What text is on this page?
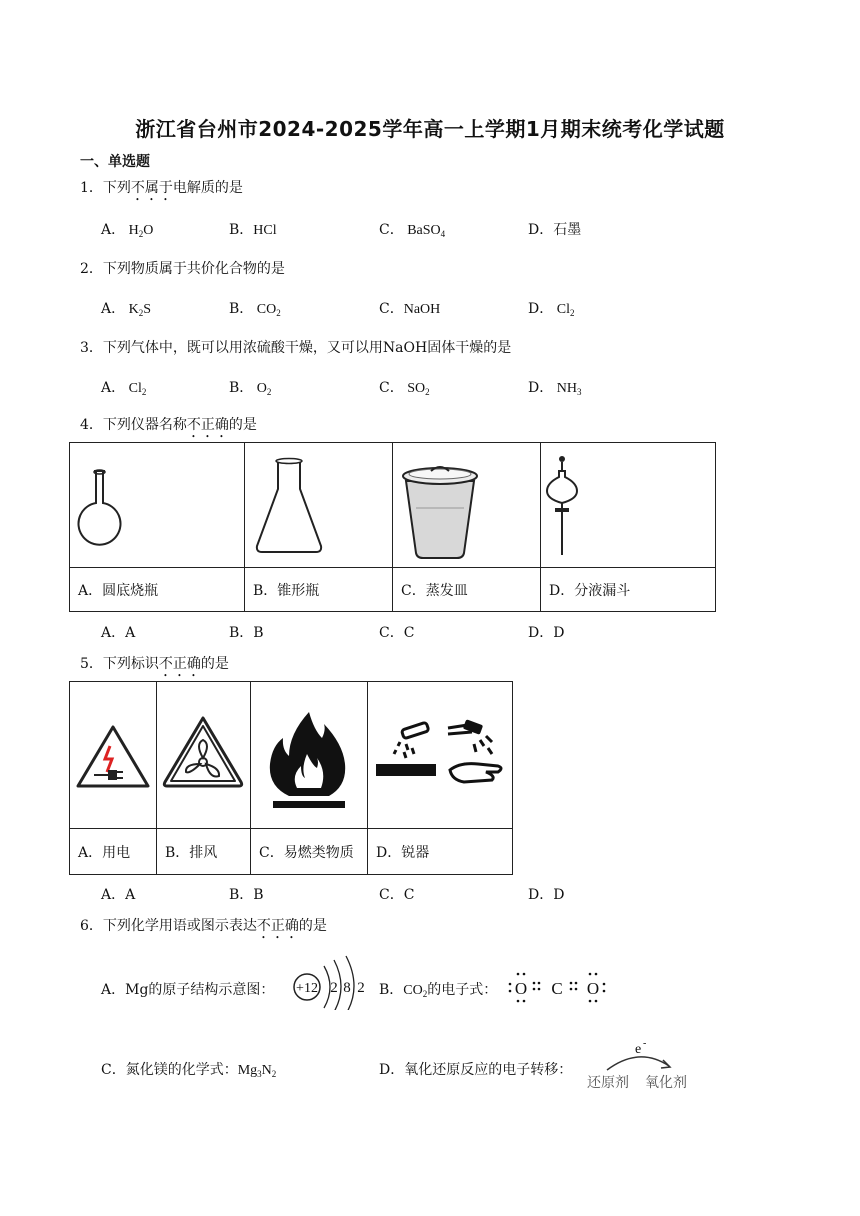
浙江省台州市2024-2025学年高一上学期1月期末统考化学试题
一、单选题
1．下列不属于电解质的是
A． $H_2O$	B．HCl	C． BaSO$_4$	D．石墨
2．下列物质属于共价化合物的是
A． $K_2S$	B． $CO_2$	C．NaOH	D． $Cl_2$
3．下列气体中，既可以用浓硫酸干燥，又可以用NaOH固体干燥的是
A． $Cl_2$	B． $O_2$	C． $SO_2$	D． $NH_3$
4．下列仪器名称不正确的是

A．圆底烧瓶	B．锥形瓶	C．蒸发皿	D．分液漏斗
A．A	B．B	C．C	D．D
5．下列标识不正确的是

A．用电	B．排风	C．易燃类物质	D．锐器
A．A	B．B	C．C	D．D
6．下列化学用语或图示表达不正确的是
A．Mg的原子结构示意图： +12 2 8 2 B．$CO_2$的电子式： O C O
C．氮化镁的化学式：$Mg_3N_2$	D．氧化还原反应的电子转移：
e -
还原剂 氧化剂
